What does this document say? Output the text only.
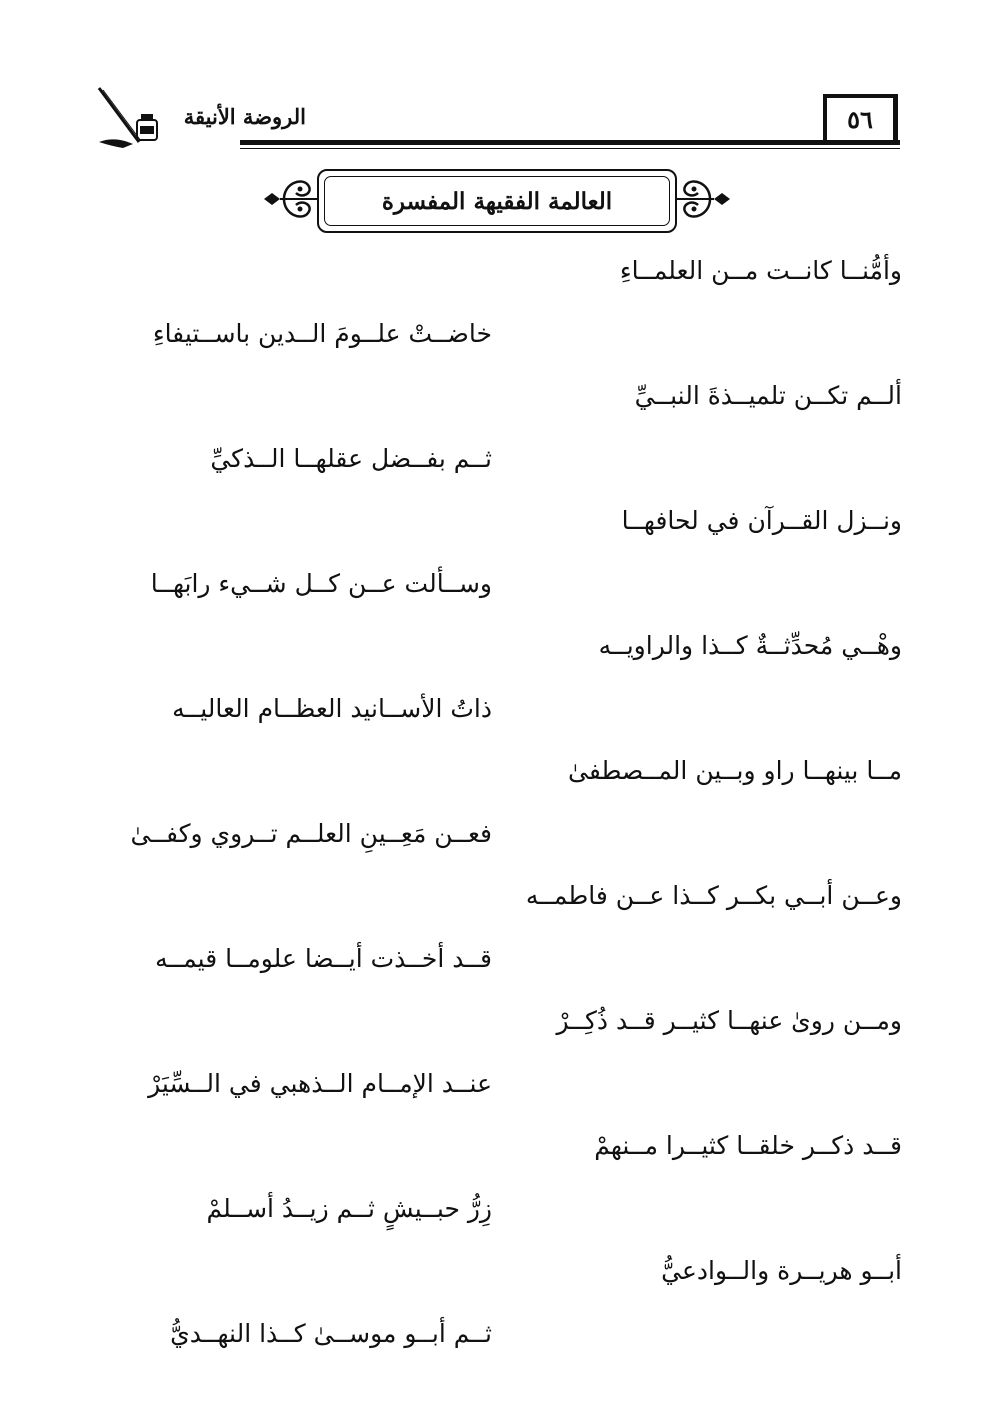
الروضة الأنيقة	٥٦
العالمة الفقيهة المفسرة
وأمُّنــا كانــت مــن العلمــاءِ
خاضــتْ علــومَ الــدين باســتيفاءِ
ألــم تكــن تلميــذةَ النبــيِّ
ثــم بفــضل عقلهــا الــذكيِّ
ونــزل القــرآن في لحافهــا
وســألت عــن كــل شــيء رابَهــا
وهْــي مُحدِّثــةٌ كــذا والراويــه
ذاتُ الأســانيد العظــام العاليــه
مــا بينهــا راو وبــين المــصطفىٰ
فعــن مَعِــينِ العلــم تــروي وكفــىٰ
وعــن أبــي بكــر كــذا عــن فاطمــه
قــد أخــذت أيــضا علومــا قيمــه
ومــن روىٰ عنهــا كثيــر قــد ذُكِــرْ
عنــد الإمــام الــذهبي في الــسِّيَرْ
قــد ذكــر خلقــا كثيــرا مــنهمْ
زِرُّ حبــيشٍ ثــم زيــدُ أســلمْ
أبــو هريــرة والــوادعيُّ
ثــم أبــو موســىٰ كــذا النهــديُّ
